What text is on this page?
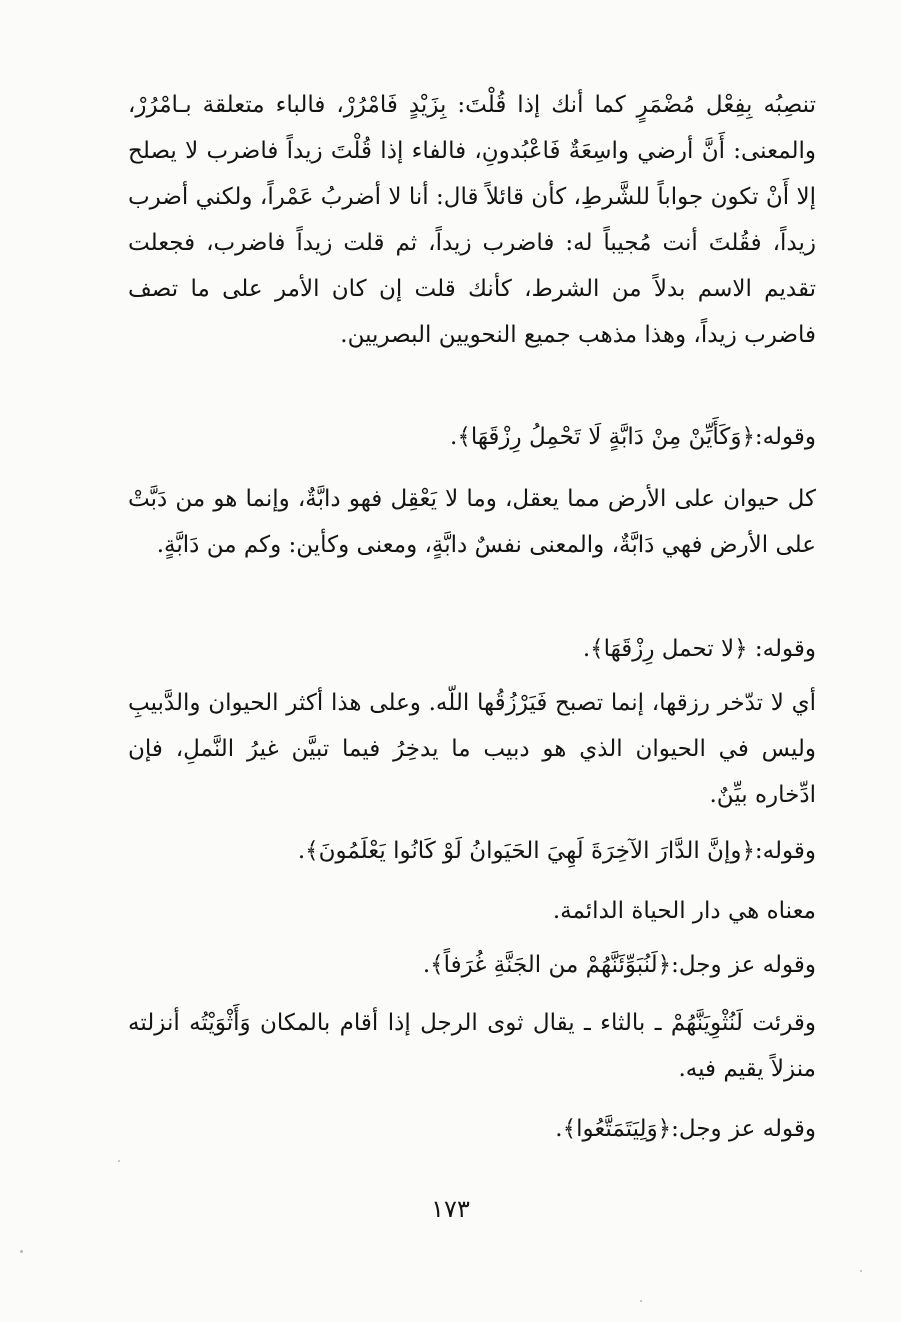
تنصِبُه بِفِعْل مُضْمَرٍ كما أنك إذا قُلْتَ: بِزَيْدٍ فَامْرُرْ، فالباء متعلقة بـامْرُرْ، والمعنى: أَنَّ أرضي واسِعَةٌ فَاعْبُدونِ، فالفاء إذا قُلْتَ زيداً فاضرب لا يصلح إلا أَنْ تكون جواباً للشَّرطِ، كأن قائلاً قال: أنا لا أضربُ عَمْراً، ولكني أضرب زيداً، فقُلتَ أنت مُجيباً له: فاضرب زيداً، ثم قلت زيداً فاضرب، فجعلت تقديم الاسم بدلاً من الشرط، كأنك قلت إن كان الأمر على ما تصف فاضرب زيداً، وهذا مذهب جميع النحويين البصريين.

وقوله:﴿وَكَأَيِّنْ مِنْ دَابَّةٍ لَا تَحْمِلُ رِزْقَهَا﴾.

كل حيوان على الأرض مما يعقل، وما لا يَعْقِل فهو دابَّةٌ، وإنما هو من دَبَّتْ على الأرض فهي دَابَّةٌ، والمعنى نفسٌ دابَّةٍ، ومعنى وكأين: وكم من دَابَّةٍ.

وقوله: ﴿لا تحمل رِزْقَهَا﴾.

أي لا تدّخر رزقها، إنما تصبح فَيَرْزُقُها اللّه. وعلى هذا أكثر الحيوان والدَّبيبِ وليس في الحيوان الذي هو دبيب ما يدخِرُ فيما تبيَّن غيرُ النَّملِ، فإن ادِّخاره بيِّنٌ.

وقوله:﴿وإنَّ الدَّارَ الآخِرَةَ لَهِيَ الحَيَوانُ لَوْ كَانُوا يَعْلَمُونَ﴾.

معناه هي دار الحياة الدائمة.

وقوله عز وجل:﴿لَنُبَوِّئَنَّهُمْ من الجَنَّةِ غُرَفاً﴾.

وقرئت لَنُثْوِيَنَّهُمْ ـ بالثاء ـ يقال ثوى الرجل إذا أقام بالمكان وَأَثْوَيْتُه أنزلته منزلاً يقيم فيه.

وقوله عز وجل:﴿وَلِيَتَمَتَّعُوا﴾.

١٧٣
